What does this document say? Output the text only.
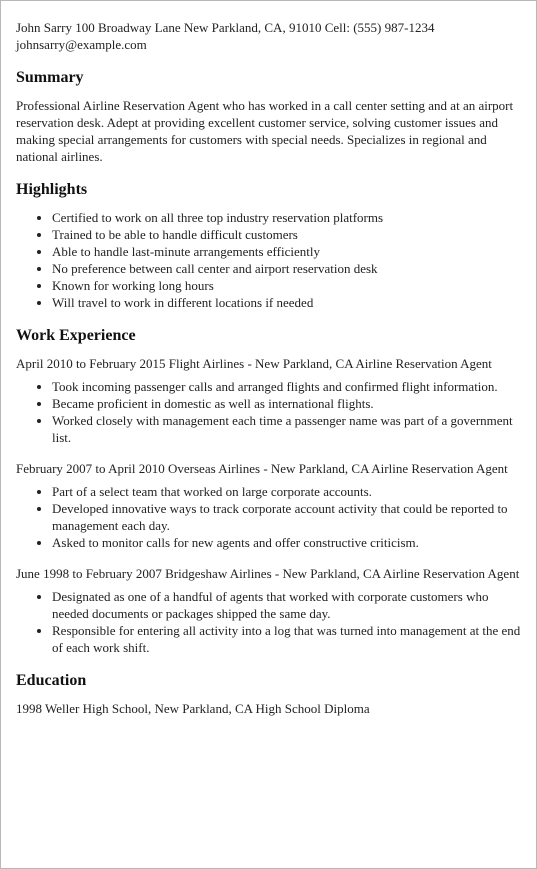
John Sarry 100 Broadway Lane New Parkland, CA, 91010 Cell: (555) 987-1234
johnsarry@example.com
Summary

Professional Airline Reservation Agent who has worked in a call center setting and at an airport reservation desk. Adept at providing excellent customer service, solving customer issues and making special arrangements for customers with special needs. Specializes in regional and national airlines.

Highlights
• Certified to work on all three top industry reservation platforms
• Trained to be able to handle difficult customers
• Able to handle last-minute arrangements efficiently
• No preference between call center and airport reservation desk
• Known for working long hours
• Will travel to work in different locations if needed
Work Experience

April 2010 to February 2015 Flight Airlines - New Parkland, CA Airline Reservation Agent

• Took incoming passenger calls and arranged flights and confirmed flight information.
• Became proficient in domestic as well as international flights.
• Worked closely with management each time a passenger name was part of a government list.

February 2007 to April 2010 Overseas Airlines - New Parkland, CA Airline Reservation Agent

• Part of a select team that worked on large corporate accounts.
• Developed innovative ways to track corporate account activity that could be reported to management each day.
• Asked to monitor calls for new agents and offer constructive criticism.

June 1998 to February 2007 Bridgeshaw Airlines - New Parkland, CA Airline Reservation Agent

• Designated as one of a handful of agents that worked with corporate customers who needed documents or packages shipped the same day.
• Responsible for entering all activity into a log that was turned into management at the end of each work shift.
Education

1998 Weller High School, New Parkland, CA High School Diploma
